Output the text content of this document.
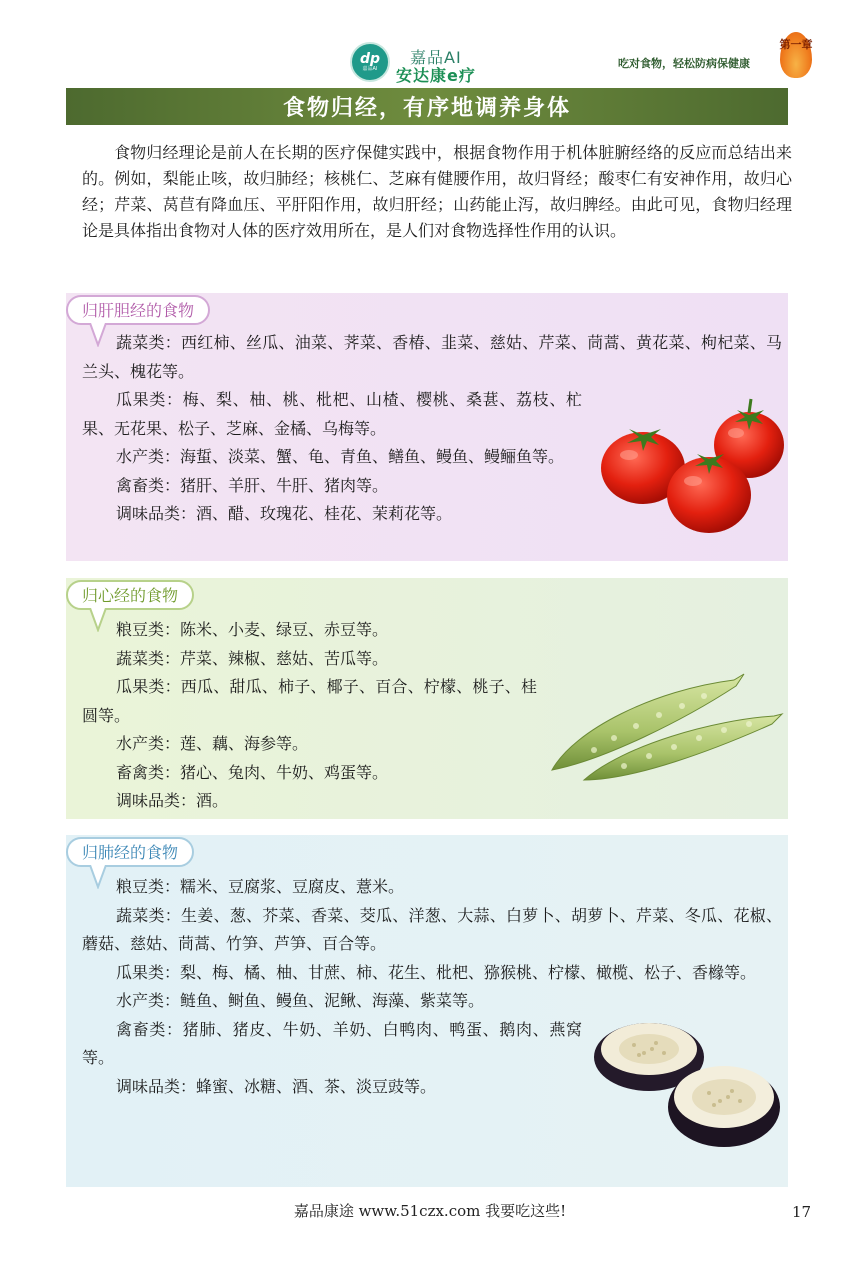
dp
嘉品AI
嘉品AI
安达康e疗
吃对食物，轻松防病保健康
第一章
食物归经，有序地调养身体

食物归经理论是前人在长期的医疗保健实践中，根据食物作用于机体脏腑经络的反应而总结出来的。例如，梨能止咳，故归肺经；核桃仁、芝麻有健腰作用，故归肾经；酸枣仁有安神作用，故归心经；芹菜、莴苣有降血压、平肝阳作用，故归肝经；山药能止泻，故归脾经。由此可见，食物归经理论是具体指出食物对人体的医疗效用所在，是人们对食物选择性作用的认识。

归肝胆经的食物
蔬菜类：西红柿、丝瓜、油菜、荠菜、香椿、韭菜、慈姑、芹菜、茼蒿、黄花菜、枸杞菜、马兰头、槐花等。
瓜果类：梅、梨、柚、桃、枇杷、山楂、樱桃、桑葚、荔枝、杧果、无花果、松子、芝麻、金橘、乌梅等。
水产类：海蜇、淡菜、蟹、龟、青鱼、鳝鱼、鳗鱼、鳗鲡鱼等。
禽畜类：猪肝、羊肝、牛肝、猪肉等。
调味品类：酒、醋、玫瑰花、桂花、茉莉花等。
归心经的食物
粮豆类：陈米、小麦、绿豆、赤豆等。
蔬菜类：芹菜、辣椒、慈姑、苦瓜等。
瓜果类：西瓜、甜瓜、柿子、椰子、百合、柠檬、桃子、桂圆等。
水产类：莲、藕、海参等。
畜禽类：猪心、兔肉、牛奶、鸡蛋等。
调味品类：酒。
归肺经的食物
粮豆类：糯米、豆腐浆、豆腐皮、薏米。
蔬菜类：生姜、葱、芥菜、香菜、茭瓜、洋葱、大蒜、白萝卜、胡萝卜、芹菜、冬瓜、花椒、蘑菇、慈姑、茼蒿、竹笋、芦笋、百合等。
瓜果类：梨、梅、橘、柚、甘蔗、柿、花生、枇杷、猕猴桃、柠檬、橄榄、松子、香橼等。
水产类：鲢鱼、鲥鱼、鳗鱼、泥鳅、海藻、紫菜等。
禽畜类：猪肺、猪皮、牛奶、羊奶、白鸭肉、鸭蛋、鹅肉、燕窝等。
调味品类：蜂蜜、冰糖、酒、茶、淡豆豉等。
嘉品康途 www.51czx.com 我要吃这些!	17
